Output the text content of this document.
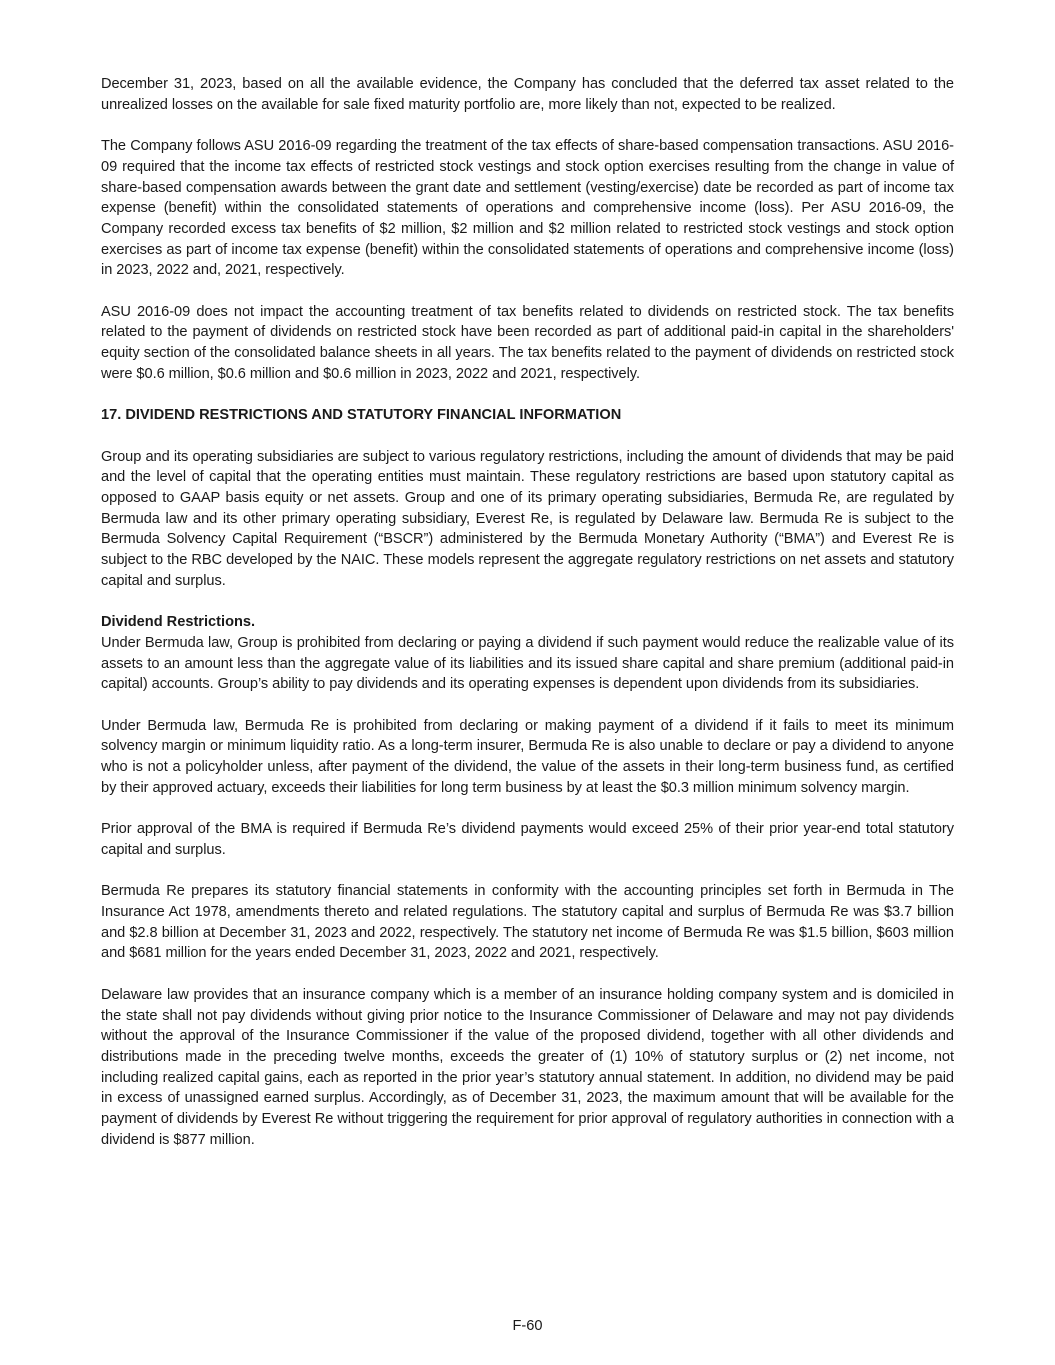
December 31, 2023, based on all the available evidence, the Company has concluded that the deferred tax asset related to the unrealized losses on the available for sale fixed maturity portfolio are, more likely than not, expected to be realized.

The Company follows ASU 2016-09 regarding the treatment of the tax effects of share-based compensation transactions. ASU 2016-09 required that the income tax effects of restricted stock vestings and stock option exercises resulting from the change in value of share-based compensation awards between the grant date and settlement (vesting/exercise) date be recorded as part of income tax expense (benefit) within the consolidated statements of operations and comprehensive income (loss). Per ASU 2016-09, the Company recorded excess tax benefits of $2 million, $2 million and $2 million related to restricted stock vestings and stock option exercises as part of income tax expense (benefit) within the consolidated statements of operations and comprehensive income (loss) in 2023, 2022 and, 2021, respectively.

ASU 2016-09 does not impact the accounting treatment of tax benefits related to dividends on restricted stock. The tax benefits related to the payment of dividends on restricted stock have been recorded as part of additional paid-in capital in the shareholders' equity section of the consolidated balance sheets in all years. The tax benefits related to the payment of dividends on restricted stock were $0.6 million, $0.6 million and $0.6 million in 2023, 2022 and 2021, respectively.

17. DIVIDEND RESTRICTIONS AND STATUTORY FINANCIAL INFORMATION

Group and its operating subsidiaries are subject to various regulatory restrictions, including the amount of dividends that may be paid and the level of capital that the operating entities must maintain. These regulatory restrictions are based upon statutory capital as opposed to GAAP basis equity or net assets. Group and one of its primary operating subsidiaries, Bermuda Re, are regulated by Bermuda law and its other primary operating subsidiary, Everest Re, is regulated by Delaware law. Bermuda Re is subject to the Bermuda Solvency Capital Requirement (“BSCR”) administered by the Bermuda Monetary Authority (“BMA”) and Everest Re is subject to the RBC developed by the NAIC. These models represent the aggregate regulatory restrictions on net assets and statutory capital and surplus.

Dividend Restrictions.

Under Bermuda law, Group is prohibited from declaring or paying a dividend if such payment would reduce the realizable value of its assets to an amount less than the aggregate value of its liabilities and its issued share capital and share premium (additional paid-in capital) accounts. Group’s ability to pay dividends and its operating expenses is dependent upon dividends from its subsidiaries.

Under Bermuda law, Bermuda Re is prohibited from declaring or making payment of a dividend if it fails to meet its minimum solvency margin or minimum liquidity ratio. As a long-term insurer, Bermuda Re is also unable to declare or pay a dividend to anyone who is not a policyholder unless, after payment of the dividend, the value of the assets in their long-term business fund, as certified by their approved actuary, exceeds their liabilities for long term business by at least the $0.3 million minimum solvency margin.

Prior approval of the BMA is required if Bermuda Re’s dividend payments would exceed 25% of their prior year-end total statutory capital and surplus.

Bermuda Re prepares its statutory financial statements in conformity with the accounting principles set forth in Bermuda in The Insurance Act 1978, amendments thereto and related regulations. The statutory capital and surplus of Bermuda Re was $3.7 billion and $2.8 billion at December 31, 2023 and 2022, respectively. The statutory net income of Bermuda Re was $1.5 billion, $603 million and $681 million for the years ended December 31, 2023, 2022 and 2021, respectively.

Delaware law provides that an insurance company which is a member of an insurance holding company system and is domiciled in the state shall not pay dividends without giving prior notice to the Insurance Commissioner of Delaware and may not pay dividends without the approval of the Insurance Commissioner if the value of the proposed dividend, together with all other dividends and distributions made in the preceding twelve months, exceeds the greater of (1) 10% of statutory surplus or (2) net income, not including realized capital gains, each as reported in the prior year’s statutory annual statement. In addition, no dividend may be paid in excess of unassigned earned surplus. Accordingly, as of December 31, 2023, the maximum amount that will be available for the payment of dividends by Everest Re without triggering the requirement for prior approval of regulatory authorities in connection with a dividend is $877 million.

F-60
